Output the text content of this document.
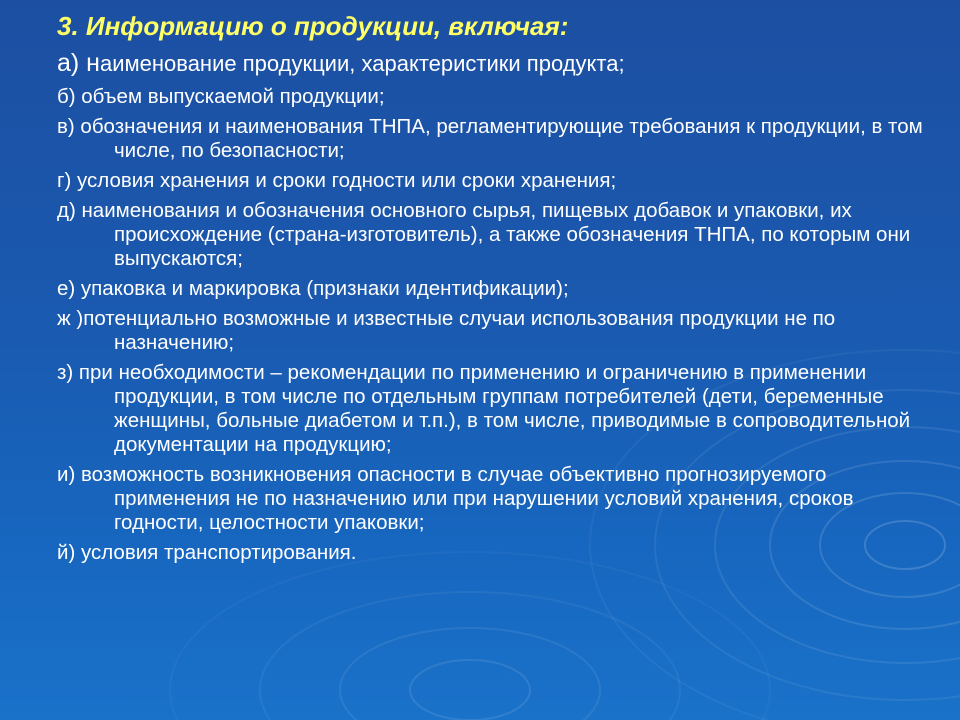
3. Информацию о продукции, включая:
а) наименование продукции, характеристики продукта;
б) объем выпускаемой продукции;
в) обозначения и наименования ТНПА, регламентирующие требования к продукции, в том числе, по безопасности;
г) условия хранения и сроки годности или сроки хранения;
д) наименования и обозначения основного сырья, пищевых добавок и упаковки, их происхождение (страна-изготовитель), а также обозначения ТНПА, по которым они выпускаются;
е) упаковка и маркировка (признаки идентификации);
ж )потенциально возможные и известные случаи использования продукции не по назначению;
з) при необходимости – рекомендации по применению и ограничению в применении продукции, в том числе по отдельным группам потребителей (дети, беременные женщины, больные диабетом и т.п.), в том числе, приводимые в сопроводительной документации на продукцию;
и) возможность возникновения опасности в случае объективно прогнозируемого применения не по назначению или при нарушении условий хранения, сроков годности, целостности упаковки;
й) условия транспортирования.
